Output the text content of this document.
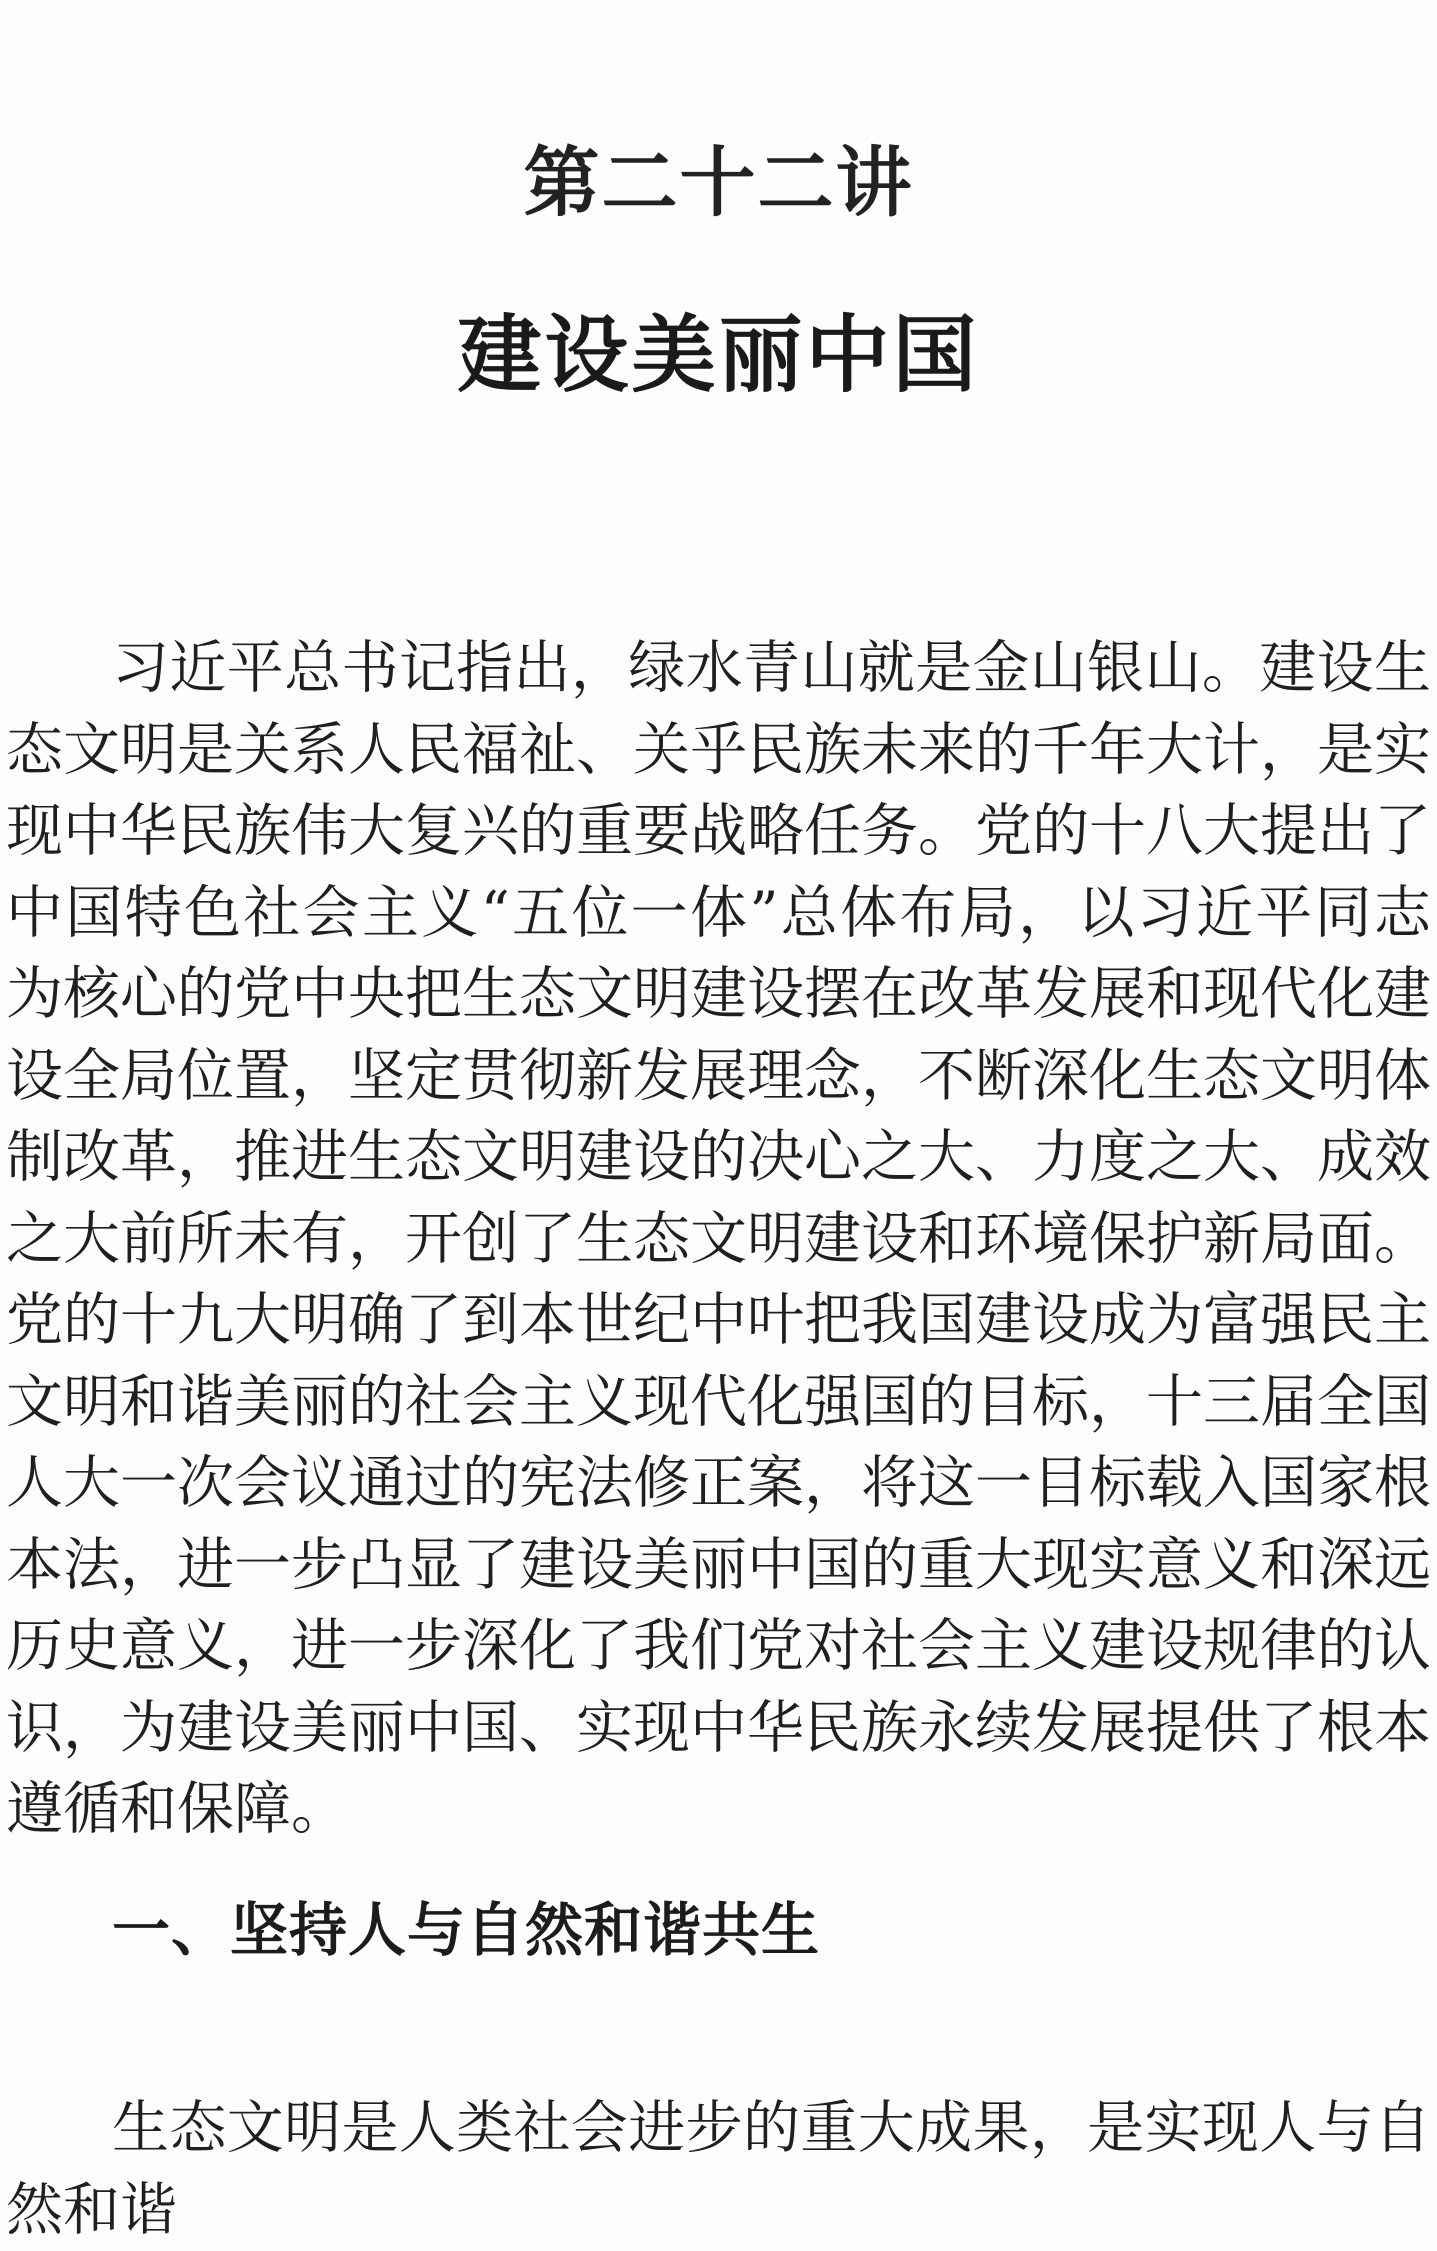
第二十二讲
建设美丽中国
习近平总书记指出，绿水青山就是金山银山。建设生态文明是关系人民福祉、关乎民族未来的千年大计，是实现中华民族伟大复兴的重要战略任务。党的十八大提出了中国特色社会主义“五位一体”总体布局，以习近平同志为核心的党中央把生态文明建设摆在改革发展和现代化建设全局位置，坚定贯彻新发展理念，不断深化生态文明体制改革，推进生态文明建设的决心之大、力度之大、成效之大前所未有，开创了生态文明建设和环境保护新局面。党的十九大明确了到本世纪中叶把我国建设成为富强民主文明和谐美丽的社会主义现代化强国的目标，十三届全国人大一次会议通过的宪法修正案，将这一目标载入国家根本法，进一步凸显了建设美丽中国的重大现实意义和深远历史意义，进一步深化了我们党对社会主义建设规律的认识，为建设美丽中国、实现中华民族永续发展提供了根本遵循和保障。
一、坚持人与自然和谐共生
生态文明是人类社会进步的重大成果，是实现人与自然和谐
